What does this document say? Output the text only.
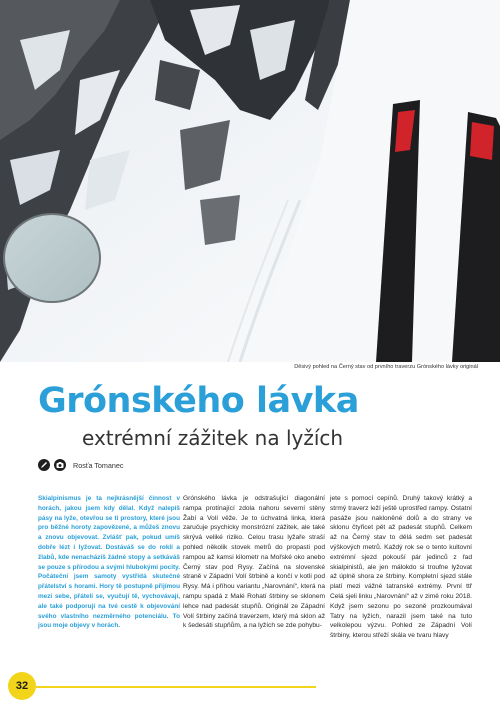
Děsivý pohled na Černý stav od prvního traverzu Grónského lávky originál
Grónského lávka
extrémní zážitek na lyžích
Rosťa Tomanec

Skialpinismus je ta nejkrásnější činnost v horách, jakou jsem kdy dělal. Když nalepíš pásy na lyže, otevřou se ti prostory, které jsou pro běžné horoty zapovězené, a můžeš znovu a znovu objevovat. Zvlášť pak, pokud umíš dobře lézt i lyžovat. Dostáváš se do roklí a žlabů, kde nenacházíš žádné stopy a setkáváš se pouze s přírodou a svými hlubokými pocity. Počáteční jsem samoty vystřídá skutečné přátelství s horami. Hory tě postupně přijímou mezi sebe, přátelí se, vyučují tě, vychovávají, ale také podporují na tvé cestě k objevování svého vlastního nezměrného potenciálu. To jsou moje objevy v horách.

Grónského lávka je odstrašující diagonální rampa protínající zdola nahoru severní stěny Žabí a Volí věže. Je to úchvatná linka, která zaručuje psychicky monstrózní zážitek, ale také skrývá veliké riziko. Celou trasu lyžaře straší pohled několik stovek metrů do propasti pod rampou až kamsi kilometr na Mořské oko anebo Černý stav pod Rysy. Začíná na slovenské straně v Západní Volí štrbině a končí v kotli pod Rysy. Má i příhou variantu „Narovnání“, která na rampu spadá z Malé Rohatí štrbiny se sklonem lehce nad padesát stupňů. Originál ze Západní Volí štrbiny začíná traverzem, který má sklon až k šedesáti stupňům, a na lyžích se zde pohybu-

jete s pomocí cepínů. Druhý takový krátký a strmý traverz leží ještě uprostřed rampy. Ostatní pasáže jsou nakloněné dolů a do strany ve sklonu čtyřicet pět až padesát stupňů. Celkem až na Černý stav to dělá sedm set padesát výškových metrů. Každý rok se o tento kultovní extrémní sjezd pokouší pár jedinců z řad skialpinistů, ale jen málokdo si troufne lyžovat až úplně shora ze štrbiny. Kompletní sjezd stále platí mezi vážné tatranské extrémy. První ttř Celá sjeli linku „Narovnání“ až v zimě roku 2018. Když jsem sezonu po sezoně prozkoumával Tatry na lyžích, narazil jsem také na tuto velkolepou výzvu. Pohled ze Západní Volí štrbiny, kterou střeží skála ve tvaru hlavy

32
